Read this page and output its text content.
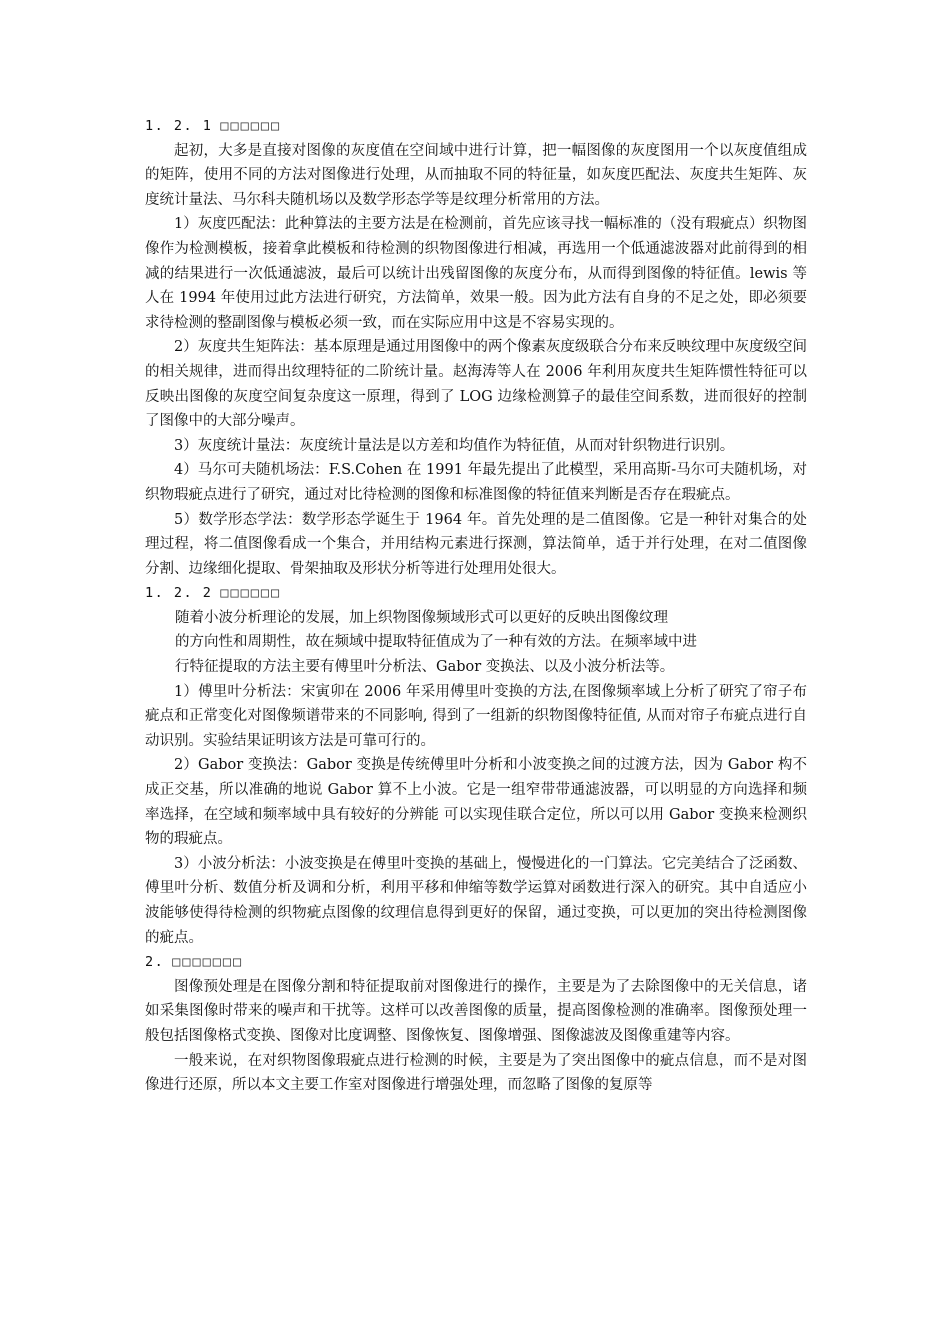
1. 2. 1 □□□□□□

起初，大多是直接对图像的灰度值在空间域中进行计算，把一幅图像的灰度图用一个以灰度值组成的矩阵，使用不同的方法对图像进行处理，从而抽取不同的特征量，如灰度匹配法、灰度共生矩阵、灰度统计量法、马尔科夫随机场以及数学形态学等是纹理分析常用的方法。

1）灰度匹配法：此种算法的主要方法是在检测前，首先应该寻找一幅标准的（没有瑕疵点）织物图像作为检测模板，接着拿此模板和待检测的织物图像进行相减，再选用一个低通滤波器对此前得到的相减的结果进行一次低通滤波，最后可以统计出残留图像的灰度分布，从而得到图像的特征值。lewis 等人在 1994 年使用过此方法进行研究，方法简单，效果一般。因为此方法有自身的不足之处，即必须要求待检测的整副图像与模板必须一致，而在实际应用中这是不容易实现的。

2）灰度共生矩阵法：基本原理是通过用图像中的两个像素灰度级联合分布来反映纹理中灰度级空间的相关规律，进而得出纹理特征的二阶统计量。赵海涛等人在 2006 年利用灰度共生矩阵惯性特征可以反映出图像的灰度空间复杂度这一原理，得到了 LOG 边缘检测算子的最佳空间系数，进而很好的控制了图像中的大部分噪声。

3）灰度统计量法：灰度统计量法是以方差和均值作为特征值，从而对针织物进行识别。

4）马尔可夫随机场法：F.S.Cohen 在 1991 年最先提出了此模型，采用高斯-马尔可夫随机场，对织物瑕疵点进行了研究，通过对比待检测的图像和标准图像的特征值来判断是否存在瑕疵点。

5）数学形态学法：数学形态学诞生于 1964 年。首先处理的是二值图像。它是一种针对集合的处理过程，将二值图像看成一个集合，并用结构元素进行探测，算法简单，适于并行处理，在对二值图像分割、边缘细化提取、骨架抽取及形状分析等进行处理用处很大。

1. 2. 2 □□□□□□
随着小波分析理论的发展，加上织物图像频域形式可以更好的反映出图像纹理
的方向性和周期性，故在频域中提取特征值成为了一种有效的方法。在频率域中进
行特征提取的方法主要有傅里叶分析法、Gabor 变换法、以及小波分析法等。

1）傅里叶分析法：宋寅卯在 2006 年采用傅里叶变换的方法,在图像频率域上分析了研究了帘子布疵点和正常变化对图像频谱带来的不同影响, 得到了一组新的织物图像特征值, 从而对帘子布疵点进行自动识别。实验结果证明该方法是可靠可行的。

2）Gabor 变换法：Gabor 变换是传统傅里叶分析和小波变换之间的过渡方法，因为 Gabor 构不成正交基，所以准确的地说 Gabor 算不上小波。它是一组窄带带通滤波器，可以明显的方向选择和频率选择，在空域和频率域中具有较好的分辨能 可以实现佳联合定位，所以可以用 Gabor 变换来检测织物的瑕疵点。

3）小波分析法：小波变换是在傅里叶变换的基础上，慢慢进化的一门算法。它完美结合了泛函数、傅里叶分析、数值分析及调和分析，利用平移和伸缩等数学运算对函数进行深入的研究。其中自适应小波能够使得待检测的织物疵点图像的纹理信息得到更好的保留，通过变换，可以更加的突出待检测图像的疵点。

2. □□□□□□□

图像预处理是在图像分割和特征提取前对图像进行的操作，主要是为了去除图像中的无关信息，诸如采集图像时带来的噪声和干扰等。这样可以改善图像的质量，提高图像检测的准确率。图像预处理一般包括图像格式变换、图像对比度调整、图像恢复、图像增强、图像滤波及图像重建等内容。

一般来说，在对织物图像瑕疵点进行检测的时候，主要是为了突出图像中的疵点信息，而不是对图像进行还原，所以本文主要工作室对图像进行增强处理，而忽略了图像的复原等
